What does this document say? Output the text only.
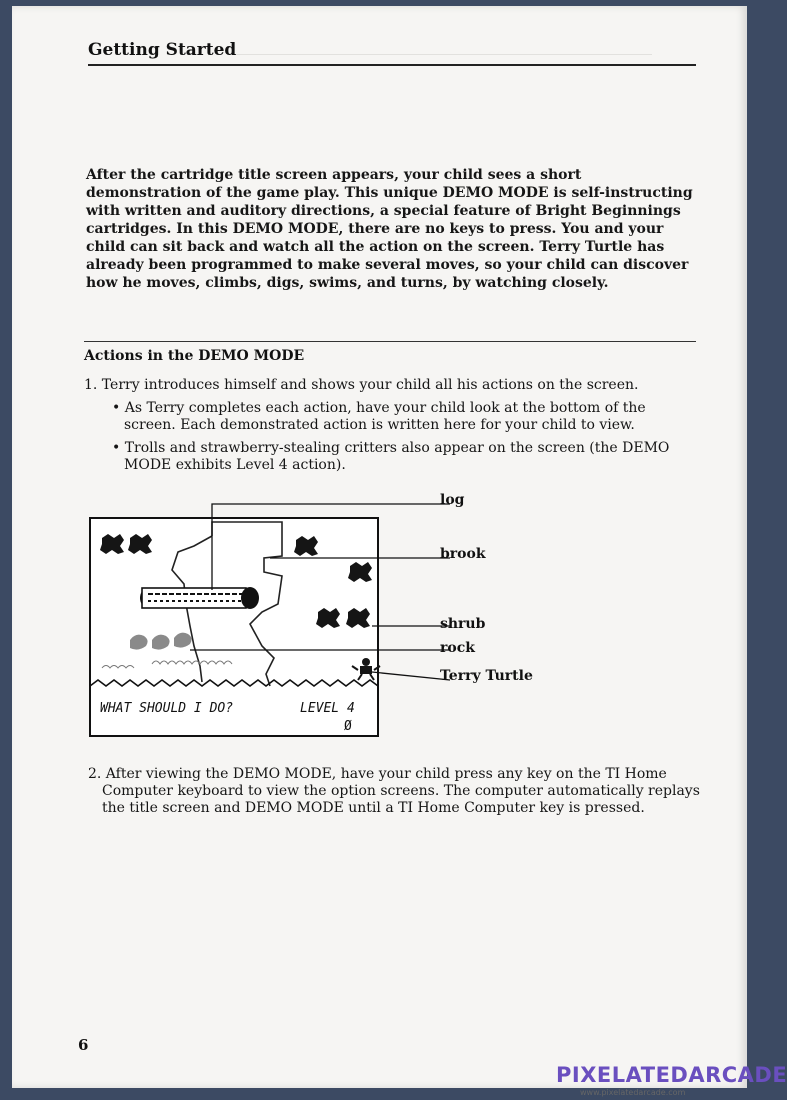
Getting Started
After the cartridge title screen appears, your child sees a short demonstration of the game play. This unique DEMO MODE is self-instructing with written and auditory directions, a special feature of Bright Beginnings cartridges. In this DEMO MODE, there are no keys to press. You and your child can sit back and watch all the action on the screen. Terry Turtle has already been programmed to make several moves, so your child can discover how he moves, climbs, digs, swims, and turns, by watching closely.
Actions in the DEMO MODE

1. Terry introduces himself and shows your child all his actions on the screen.

• As Terry completes each action, have your child look at the bottom of the screen. Each demonstrated action is written here for your child to view.

• Trolls and strawberry-stealing critters also appear on the screen (the DEMO MODE exhibits Level 4 action).

WHAT SHOULD I DO?	LEVEL 4
Ø
log
brook
shrub
rock
Terry Turtle
2. After viewing the DEMO MODE, have your child press any key on the TI Home Computer keyboard to view the option screens. The computer automatically replays the title screen and DEMO MODE until a TI Home Computer key is pressed.
6
PIXELATEDARCADE
www.pixelatedarcade.com
